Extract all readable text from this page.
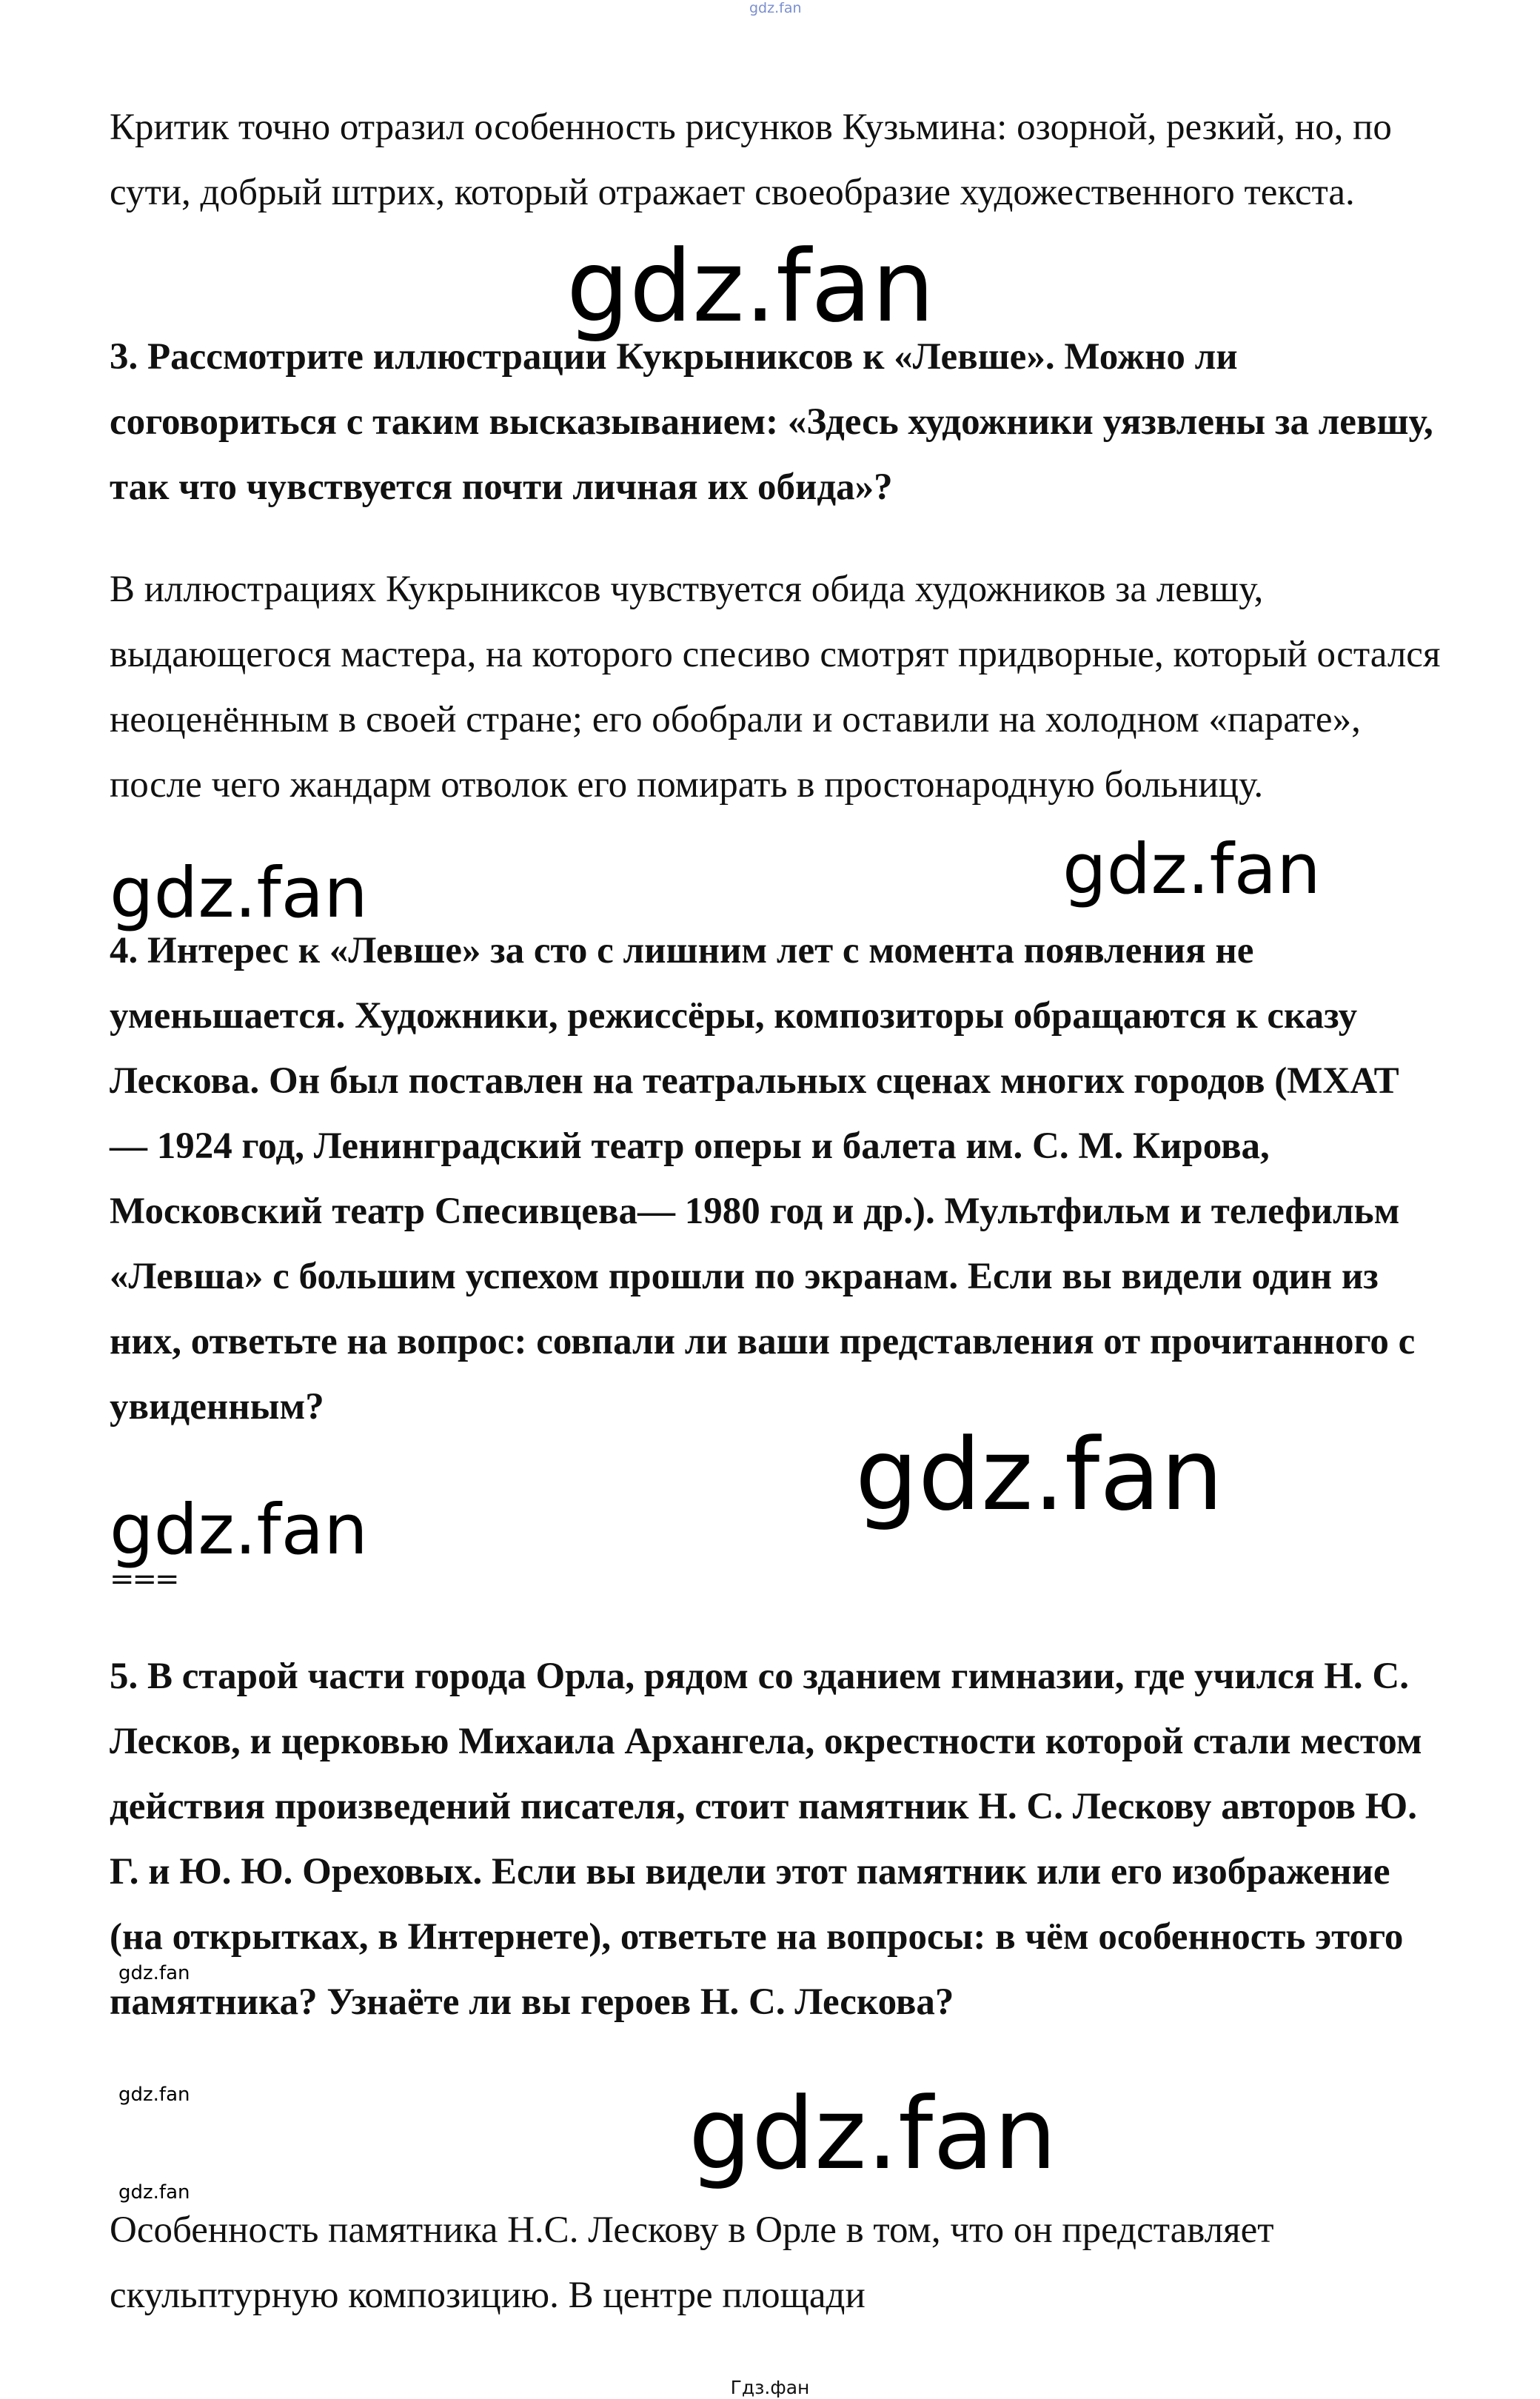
gdz.fan

Критик точно отразил особенность рисунков Кузьмина: озорной, резкий, но, по сути, добрый штрих, который отражает своеобразие художественного текста.

3. Рассмотрите иллюстрации Кукрыниксов к «Левше». Можно ли соговориться с таким высказыванием: «Здесь художники уязвлены за левшу, так что чувствуется почти личная их обида»?

В иллюстрациях Кукрыниксов чувствуется обида художников за левшу, выдающегося мастера, на которого спесиво смотрят придворные, который остался неоценённым в своей стране; его обобрали и оставили на холодном «парате», после чего жандарм отволок его помирать в простонародную больницу.

4. Интерес к «Левше» за сто с лишним лет с момента появления не уменьшается. Художники, режиссёры, композиторы обращаются к сказу Лескова. Он был поставлен на театральных сценах многих городов (МХАТ — 1924 год, Ленинградский театр оперы и балета им. С. М. Кирова, Московский театр Спесивцева— 1980 год и др.). Мультфильм и телефильм «Левша» с большим успехом прошли по экранам. Если вы видели один из них, ответьте на вопрос: совпали ли ваши представления от прочитанного с увиденным?

===

5. В старой части города Орла, рядом со зданием гимназии, где учился Н. С. Лесков, и церковью Михаила Архангела, окрестности которой стали местом действия произведений писателя, стоит памятник Н. С. Лескову авторов Ю. Г. и Ю. Ю. Ореховых. Если вы видели этот памятник или его изображение (на открытках, в Интернете), ответьте на вопросы: в чём особенность этого памятника? Узнаёте ли вы героев Н. С. Лескова?

Особенность памятника Н.С. Лескову в Орле в том, что он представляет скульптурную композицию. В центре площади

gdz.fan
gdz.fan	gdz.fan
gdz.fan
gdz.fan
gdz.fan
gdz.fan	gdz.fan
gdz.fan
Гдз.фан
